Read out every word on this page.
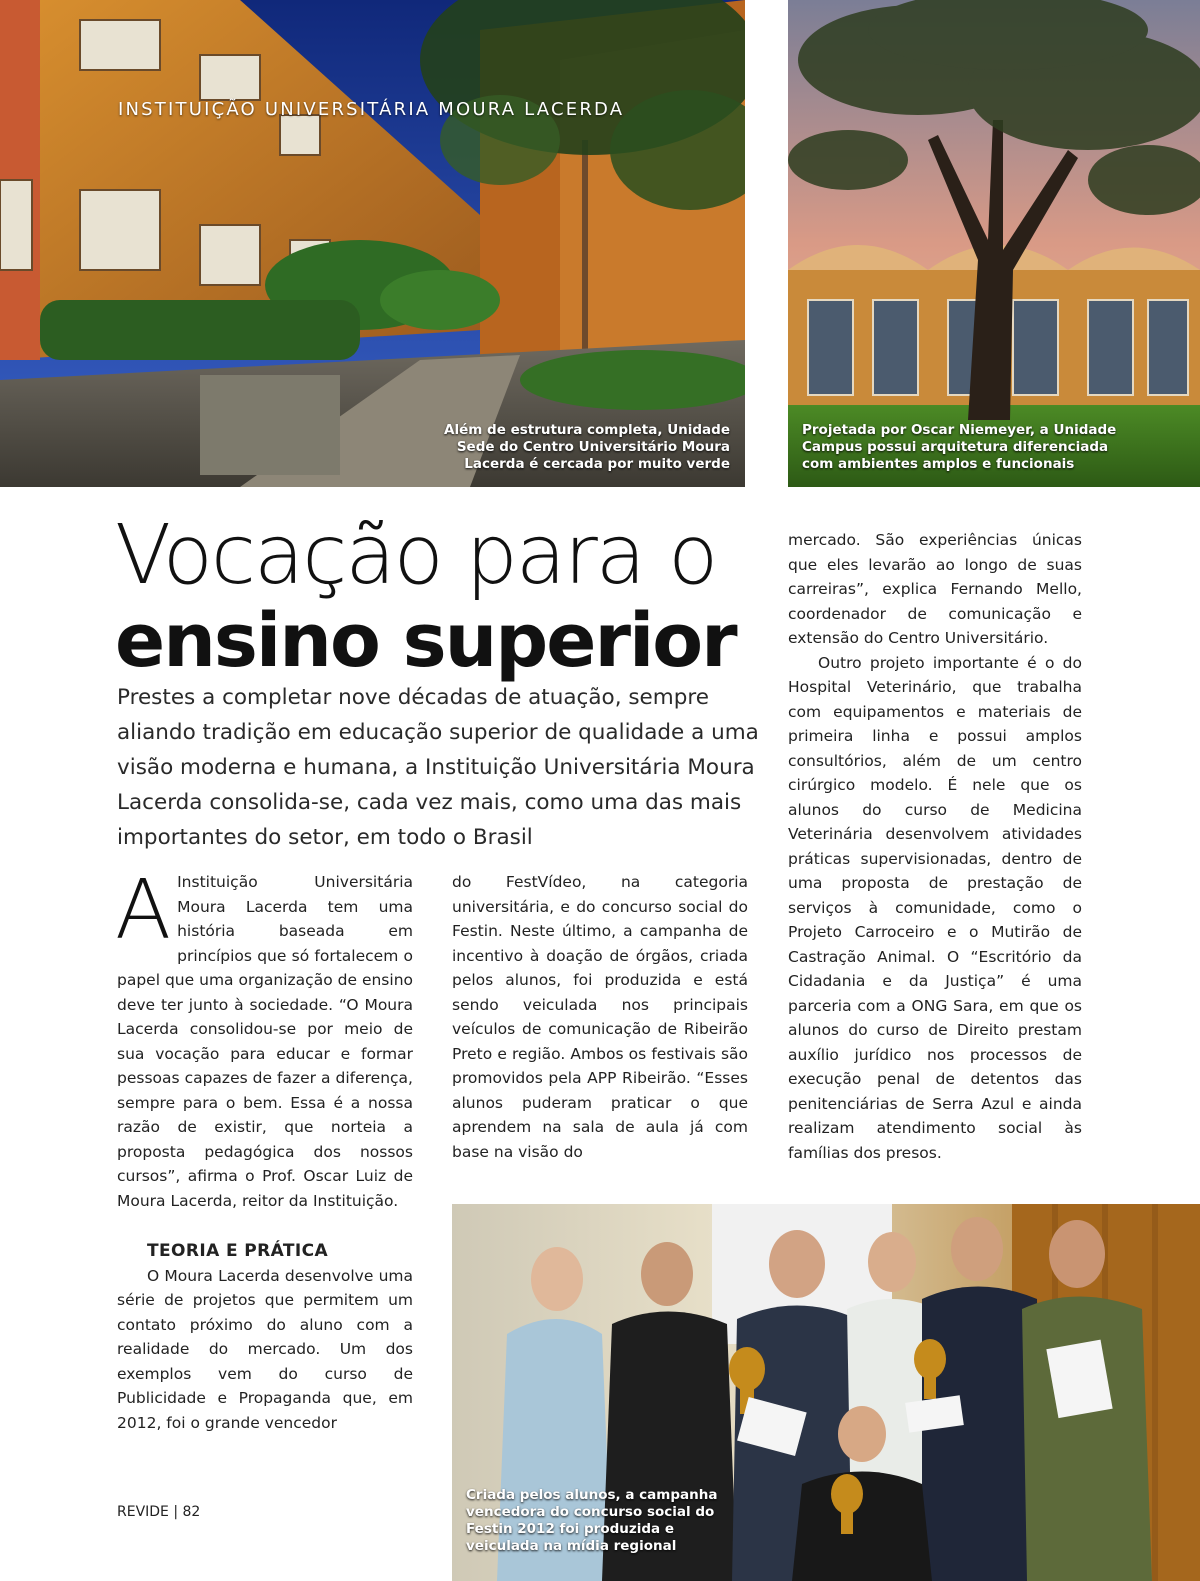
INSTITUIÇÃO UNIVERSITÁRIA MOURA LACERDA
Além de estrutura completa, Unidade Sede do Centro Universitário Moura Lacerda é cercada por muito verde
Projetada por Oscar Niemeyer, a Unidade Campus possui arquitetura diferenciada com ambientes amplos e funcionais
Vocação para o
ensino superior
Prestes a completar nove décadas de atuação, sempre aliando tradição em educação superior de qualidade a uma visão moderna e humana, a Instituição Universitária Moura Lacerda consolida-se, cada vez mais, como uma das mais importantes do setor, em todo o Brasil

A Instituição Universitária Moura Lacerda tem uma história baseada em princípios que só fortalecem o papel que uma organização de ensino deve ter junto à sociedade. “O Moura Lacerda consolidou-se por meio de sua vocação para educar e formar pessoas capazes de fazer a diferença, sempre para o bem. Essa é a nossa razão de existir, que norteia a proposta pedagógica dos nossos cursos”, afirma o Prof. Oscar Luiz de Moura Lacerda, reitor da Instituição.

TEORIA E PRÁTICA

O Moura Lacerda desenvolve uma série de projetos que permitem um contato próximo do aluno com a realidade do mercado. Um dos exemplos vem do curso de Publicidade e Propaganda que, em 2012, foi o grande vencedor

do FestVídeo, na categoria universitária, e do concurso social do Festin. Neste último, a campanha de incentivo à doação de órgãos, criada pelos alunos, foi produzida e está sendo veiculada nos principais veículos de comunicação de Ribeirão Preto e região. Ambos os festivais são promovidos pela APP Ribeirão. “Esses alunos puderam praticar o que aprendem na sala de aula já com base na visão do

mercado. São experiências únicas que eles levarão ao longo de suas carreiras”, explica Fernando Mello, coordenador de comunicação e extensão do Centro Universitário.

Outro projeto importante é o do Hospital Veterinário, que trabalha com equipamentos e materiais de primeira linha e possui amplos consultórios, além de um centro cirúrgico modelo. É nele que os alunos do curso de Medicina Veterinária desenvolvem atividades práticas supervisionadas, dentro de uma proposta de prestação de serviços à comunidade, como o Projeto Carroceiro e o Mutirão de Castração Animal. O “Escritório da Cidadania e da Justiça” é uma parceria com a ONG Sara, em que os alunos do curso de Direito prestam auxílio jurídico nos processos de execução penal de detentos das penitenciárias de Serra Azul e ainda realizam atendimento social às famílias dos presos.

Criada pelos alunos, a campanha vencedora do concurso social do Festin 2012 foi produzida e veiculada na mídia regional
REVIDE | 82
